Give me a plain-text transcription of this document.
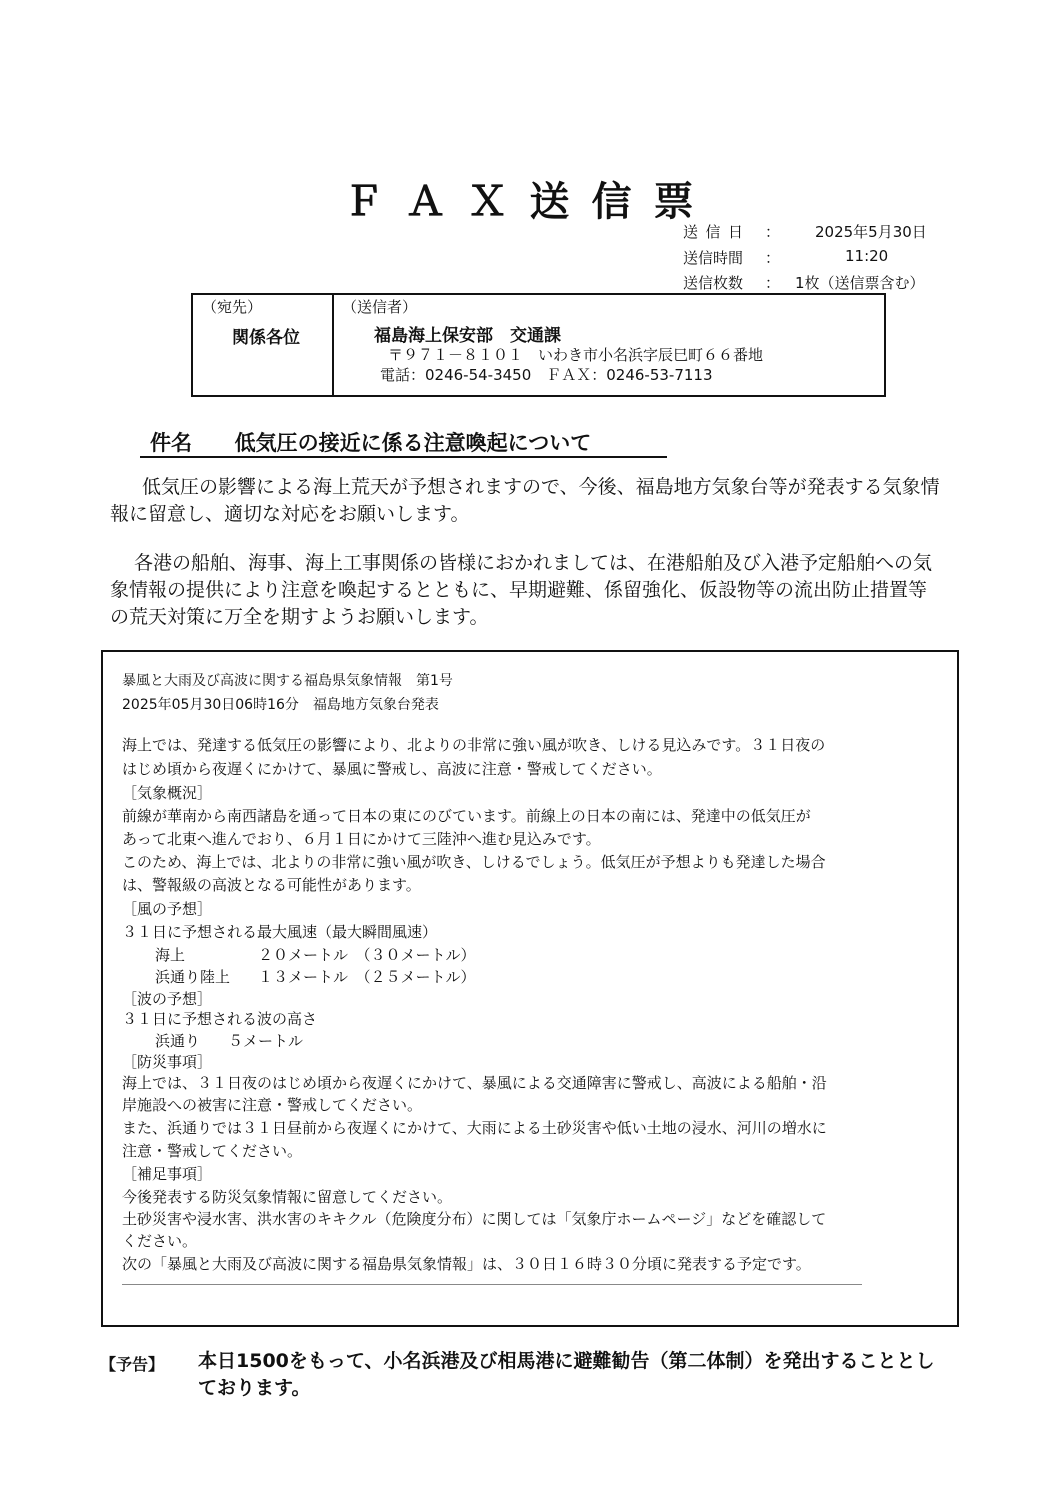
ＦＡＸ送信票
送信日 ： 2025年5月30日
送信時間 ：	11:20
送信枚数 ： 1枚（送信票含む）
（宛先）
関係各位
（送信者）
福島海上保安部　交通課
〒９７１－８１０１　いわき市小名浜字辰巳町６６番地
電話：0246-54-3450　ＦＡＸ：0246-53-7113
件名 低気圧の接近に係る注意喚起について
低気圧の影響による海上荒天が予想されますので、今後、福島地方気象台等が発表する気象情報に留意し、適切な対応をお願いします。
各港の船舶、海事、海上工事関係の皆様におかれましては、在港船舶及び入港予定船舶への気象情報の提供により注意を喚起するとともに、早期避難、係留強化、仮設物等の流出防止措置等の荒天対策に万全を期すようお願いします。
暴風と大雨及び高波に関する福島県気象情報　第1号
2025年05月30日06時16分　福島地方気象台発表
海上では、発達する低気圧の影響により、北よりの非常に強い風が吹き、しける見込みです。３１日夜の
はじめ頃から夜遅くにかけて、暴風に警戒し、高波に注意・警戒してください。
［気象概況］
前線が華南から南西諸島を通って日本の東にのびています。前線上の日本の南には、発達中の低気圧が
あって北東へ進んでおり、６月１日にかけて三陸沖へ進む見込みです。
このため、海上では、北よりの非常に強い風が吹き、しけるでしょう。低気圧が予想よりも発達した場合
は、警報級の高波となる可能性があります。
［風の予想］
３１日に予想される最大風速（最大瞬間風速）
海上	２０メートル　（３０メートル）
浜通り陸上 １３メートル　（２５メートル）
［波の予想］
３１日に予想される波の高さ
浜通り ５メートル
［防災事項］
海上では、３１日夜のはじめ頃から夜遅くにかけて、暴風による交通障害に警戒し、高波による船舶・沿
岸施設への被害に注意・警戒してください。
また、浜通りでは３１日昼前から夜遅くにかけて、大雨による土砂災害や低い土地の浸水、河川の増水に
注意・警戒してください。
［補足事項］
今後発表する防災気象情報に留意してください。
土砂災害や浸水害、洪水害のキキクル（危険度分布）に関しては「気象庁ホームページ」などを確認して
ください。
次の「暴風と大雨及び高波に関する福島県気象情報」は、３０日１６時３０分頃に発表する予定です。
【予告】 本日1500をもって、小名浜港及び相馬港に避難勧告（第二体制）を発出することとしております。
